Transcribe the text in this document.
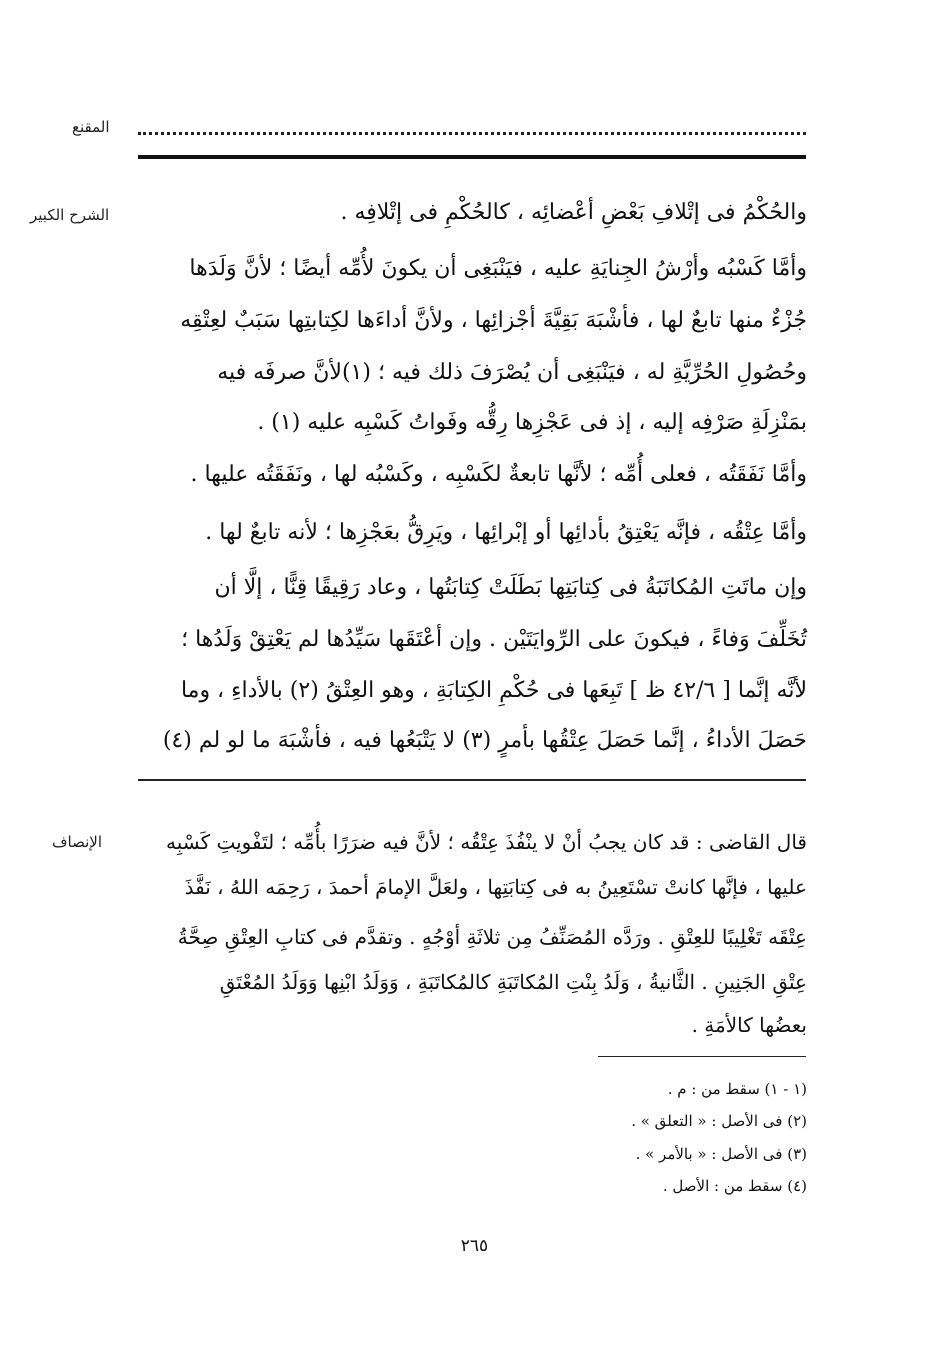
المقنع
الشرح الكبير
الإنصاف
والحُكْمُ فى إتْلافِ بَعْضِ أعْضائِه ، كالحُكْمِ فى إتْلافِه .
وأمَّا كَسْبُه وأرْشُ الجِنايَةِ عليه ، فيَنْبَغِى أن يكونَ لأُمِّه أيضًا ؛ لأنَّ وَلَدَها
جُزْءٌ منها تابعٌ لها ، فأشْبَهَ بَقِيَّةَ أجْزائِها ، ولأنَّ أداءَها لكِتابتِها سَبَبٌ لعِتْقِه
وحُصُولِ الحُرِّيَّةِ له ، فيَنْبَغِى أن يُصْرَفَ ذلك فيه ؛ (١)لأنَّ صرفَه فيه
بمَنْزِلَةِ صَرْفِه إليه ، إذ فى عَجْزِها رِقُّه وفَواتُ كَسْبِه عليه (١) .
وأمَّا نَفَقَتُه ، فعلى أُمِّه ؛ لأنَّها تابعةٌ لكَسْبِه ، وكَسْبُه لها ، ونَفَقَتُه عليها .
وأمَّا عِتْقُه ، فإنَّه يَعْتِقُ بأدائِها أو إبْرائِها ، ويَرِقُّ بعَجْزِها ؛ لأنه تابعٌ لها .
وإن ماتَتِ المُكاتَبَةُ فى كِتابَتِها بَطَلَتْ كِتابَتُها ، وعاد رَقِيقًا قِنًّا ، إلَّا أن
تُخَلِّفَ وَفاءً ، فيكونَ على الرِّوايَتَيْن . وإن أعْتَقَها سَيِّدُها لم يَعْتِقْ وَلَدُها ؛
لأنَّه إنَّما [ ٤٢/٦ ظ ] تَبِعَها فى حُكْمِ الكِتابَةِ ، وهو العِتْقُ (٢) بالأداءِ ، وما
حَصَلَ الأداءُ ، إنَّما حَصَلَ عِتْقُها بأمرٍ (٣) لا يَتْبَعُها فيه ، فأشْبَهَ ما لو لم (٤)
قال القاضى : قد كان يجبُ أنْ لا ينْفُذَ عِتْقُه ؛ لأنَّ فيه ضرَرًا بأُمِّه ؛ لتَفْويتِ كَسْبِه
عليها ، فإنَّها كانتْ تسْتَعِينُ به فى كِتابَتِها ، ولعَلَّ الإمامَ أحمدَ ، رَحِمَه اللهُ ، نَفَّذَ
عِتْقَه تَغْلِيبًا للعِتْقِ . ورَدَّه المُصَنِّفُ مِن ثلاثَةِ أوْجُهٍ . وتقدَّم فى كتابِ العِتْقِ صِحَّةُ
عِتْقِ الجَنِينِ . الثَّانيةُ ، وَلَدُ بِنْتِ المُكاتَبَةِ كالمُكاتَبَةِ ، وَوَلَدُ ابْنِها وَوَلَدُ المُعْتَقِ
بعضُها كالأمَةِ .
(١ - ١) سقط من : م .
(٢) فى الأصل : « التعلق » .
(٣) فى الأصل : « بالأمر » .
(٤) سقط من : الأصل .
٢٦٥
